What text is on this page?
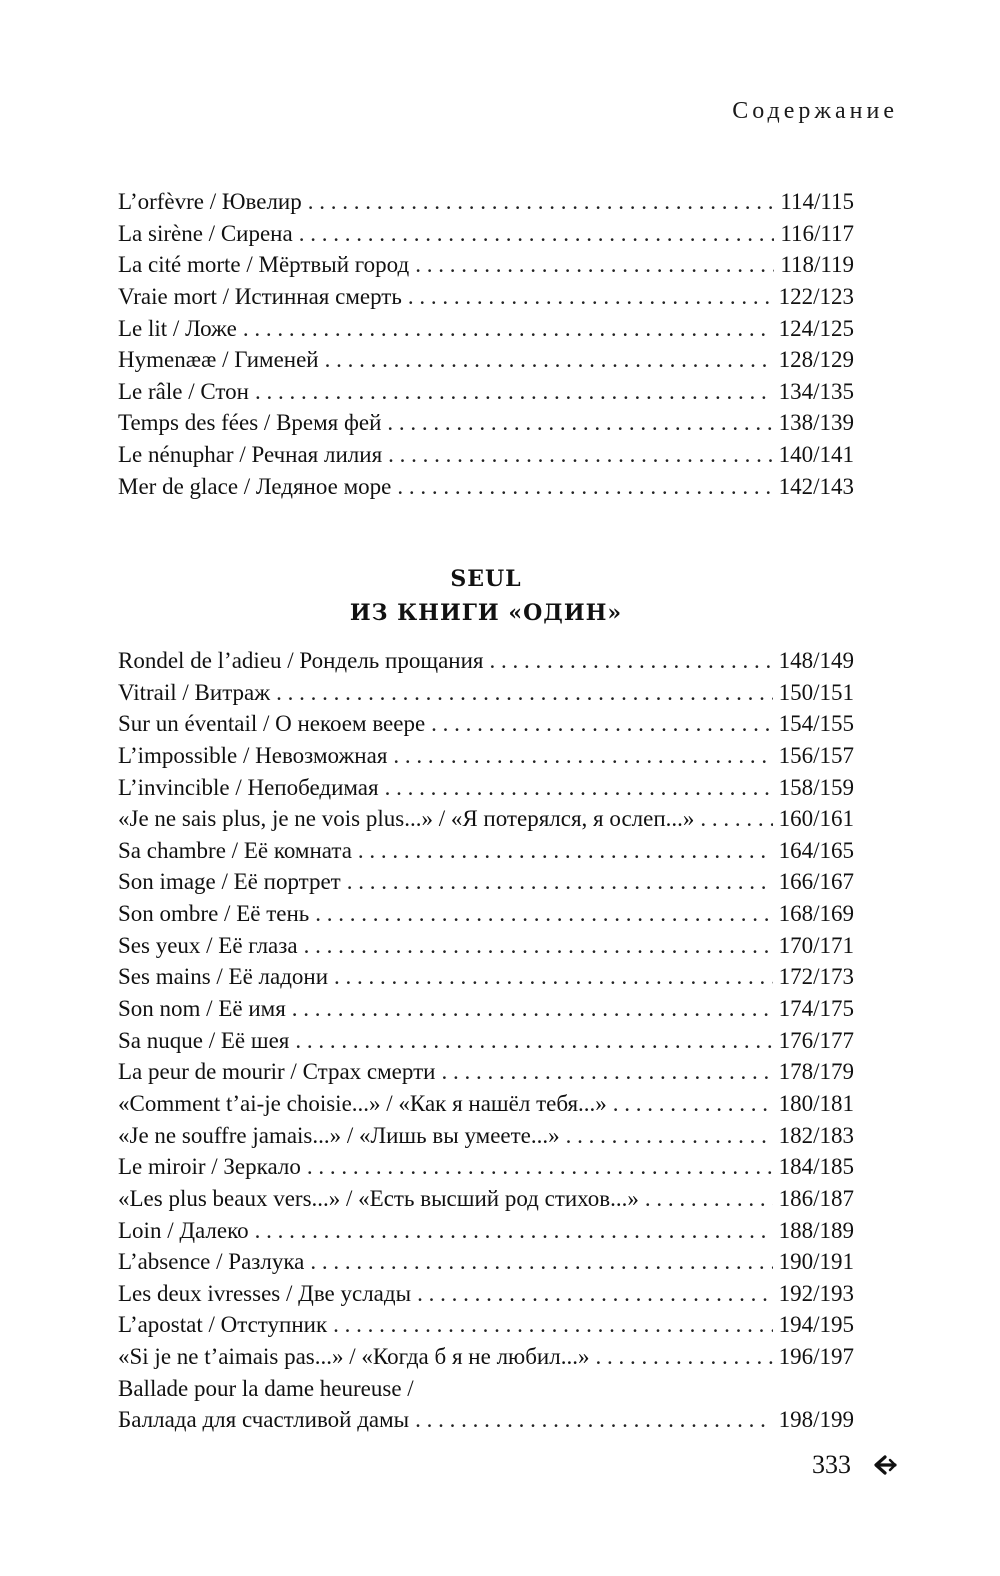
Содержание
L’orfèvre / Ювелир . . .	114/115
La sirène / Сирена . . .	116/117
La cité morte / Мёртвый город . . .	118/119
Vraie mort / Истинная смерть . . .	122/123
Le lit / Ложе . . .	124/125
Hymenææ / Гименей . . .	128/129
Le râle / Стон . . .	134/135
Temps des fées / Время фей . . .	138/139
Le nénuphar / Речная лилия . . .	140/141
Mer de glace / Ледяное море . . .	142/143
SEUL
ИЗ КНИГИ «ОДИН»
Rondel de l’adieu / Рондель прощания . . .	148/149
Vitrail / Витраж . . .	150/151
Sur un éventail / О некоем веере . . .	154/155
L’impossible / Невозможная . . .	156/157
L’invincible / Непобедимая . . .	158/159
«Je ne sais plus, je ne vois plus...» / «Я потерялся, я ослеп...» . . .	160/161
Sa chambre / Её комната . . .	164/165
Son image / Её портрет . . .	166/167
Son ombre / Её тень . . .	168/169
Ses yeux / Её глаза . . .	170/171
Ses mains / Её ладони . . .	172/173
Son nom / Её имя . . .	174/175
Sa nuque / Её шея . . .	176/177
La peur de mourir / Страх смерти . . .	178/179
«Comment t’ai-je choisie...» / «Как я нашёл тебя...» . . .	180/181
«Je ne souffre jamais...» / «Лишь вы умеете...» . . .	182/183
Le miroir / Зеркало . . .	184/185
«Les plus beaux vers...» / «Есть высший род стихов...» . . .	186/187
Loin / Далеко . . .	188/189
L’absence / Разлука . . .	190/191
Les deux ivresses / Две услады . . .	192/193
L’apostat / Отступник . . .	194/195
«Si je ne t’aimais pas...» / «Когда б я не любил...» . . .	196/197
Ballade pour la dame heureuse /
Баллада для счастливой дамы . . .	198/199
333
